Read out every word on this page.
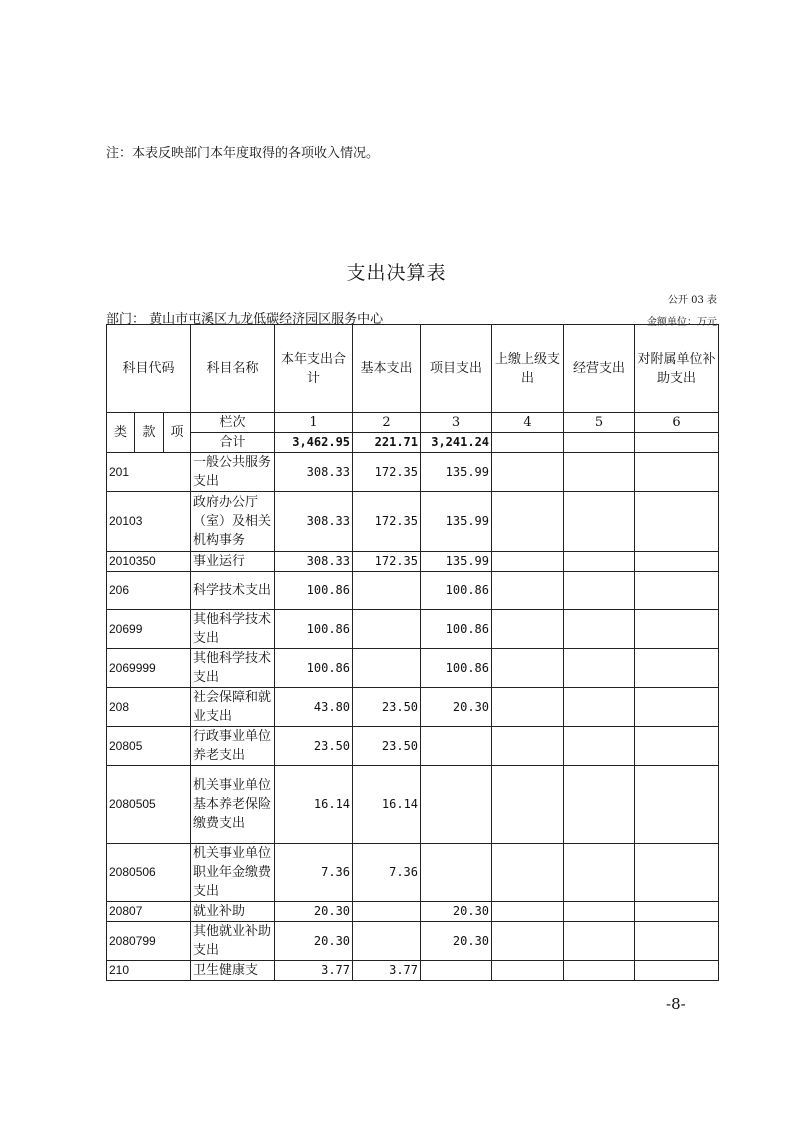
注：本表反映部门本年度取得的各项收入情况。
支出决算表
公开 03 表
部门： 黄山市屯溪区九龙低碳经济园区服务中心	金额单位：万元
科目代码			科目名称	本年支出合计	基本支出	项目支出	上缴上级支出	经营支出	对附属单位补助支出
类	款	项	栏次	1	2	3	4	5	6
			合计	3,462.95	221.71	3,241.24			
201			一般公共服务支出	308.33	172.35	135.99			
20103			政府办公厅（室）及相关机构事务	308.33	172.35	135.99			
2010350			事业运行	308.33	172.35	135.99			
206			科学技术支出	100.86		100.86			
20699			其他科学技术支出	100.86		100.86			
2069999			其他科学技术支出	100.86		100.86			
208			社会保障和就业支出	43.80	23.50	20.30			
20805			行政事业单位养老支出	23.50	23.50				
2080505			机关事业单位基本养老保险缴费支出	16.14	16.14				
2080506			机关事业单位职业年金缴费支出	7.36	7.36				
20807			就业补助	20.30		20.30			
2080799			其他就业补助支出	20.30		20.30			
210			卫生健康支	3.77	3.77				
-8-
